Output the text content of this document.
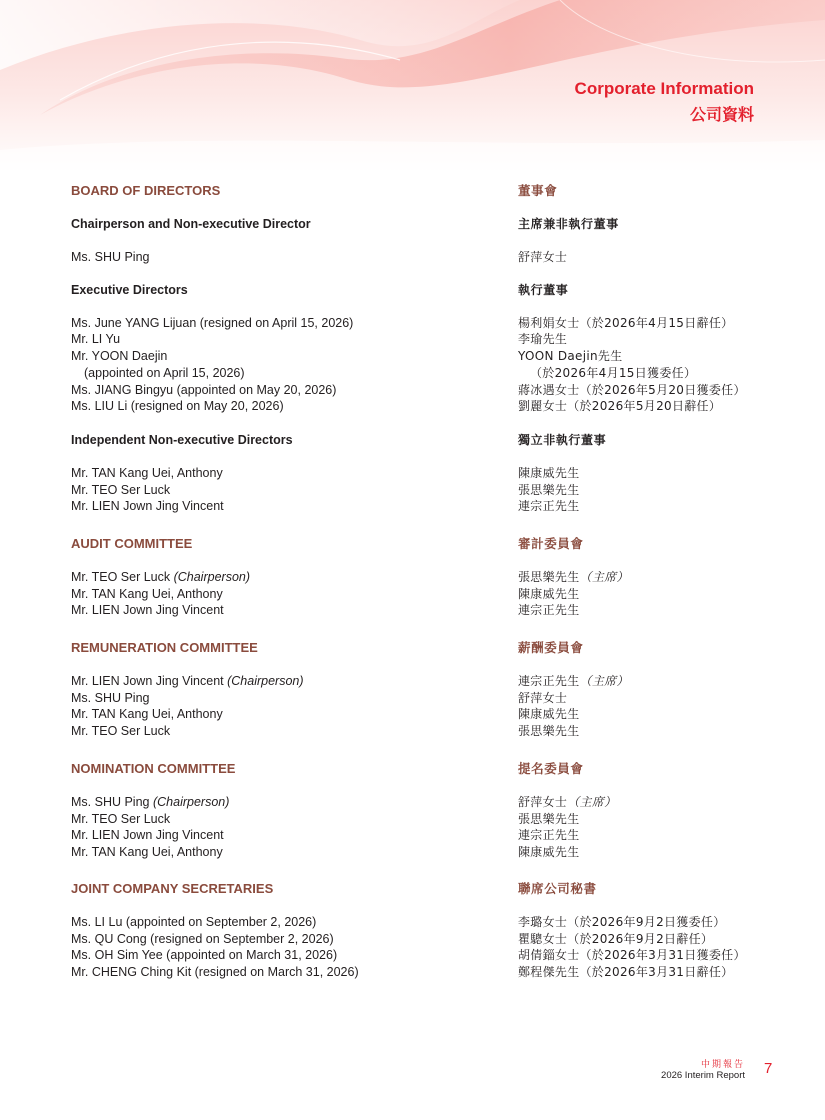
Corporate Information
公司資料
BOARD OF DIRECTORS
Chairperson and Non-executive Director
Ms. SHU Ping
Executive Directors
Ms. June YANG Lijuan (resigned on April 15, 2026)
Mr. LI Yu
Mr. YOON Daejin
(appointed on April 15, 2026)
Ms. JIANG Bingyu (appointed on May 20, 2026)
Ms. LIU Li (resigned on May 20, 2026)
Independent Non-executive Directors
Mr. TAN Kang Uei, Anthony
Mr. TEO Ser Luck
Mr. LIEN Jown Jing Vincent
董事會
主席兼非執行董事
舒萍女士
執行董事
楊利娟女士（於2026年4月15日辭任）
李瑜先生
YOON Daejin先生
（於2026年4月15日獲委任）
蔣冰遇女士（於2026年5月20日獲委任）
劉麗女士（於2026年5月20日辭任）
獨立非執行董事
陳康威先生
張思樂先生
連宗正先生
AUDIT COMMITTEE
Mr. TEO Ser Luck (Chairperson)
Mr. TAN Kang Uei, Anthony
Mr. LIEN Jown Jing Vincent
審計委員會
張思樂先生（主席）
陳康威先生
連宗正先生
REMUNERATION COMMITTEE
Mr. LIEN Jown Jing Vincent (Chairperson)
Ms. SHU Ping
Mr. TAN Kang Uei, Anthony
Mr. TEO Ser Luck
薪酬委員會
連宗正先生（主席）
舒萍女士
陳康威先生
張思樂先生
NOMINATION COMMITTEE
Ms. SHU Ping (Chairperson)
Mr. TEO Ser Luck
Mr. LIEN Jown Jing Vincent
Mr. TAN Kang Uei, Anthony
提名委員會
舒萍女士（主席）
張思樂先生
連宗正先生
陳康威先生
JOINT COMPANY SECRETARIES
Ms. LI Lu (appointed on September 2, 2026)
Ms. QU Cong (resigned on September 2, 2026)
Ms. OH Sim Yee (appointed on March 31, 2026)
Mr. CHENG Ching Kit (resigned on March 31, 2026)
聯席公司秘書
李璐女士（於2026年9月2日獲委任）
瞿驄女士（於2026年9月2日辭任）
胡倩錙女士（於2026年3月31日獲委任）
鄭程傑先生（於2026年3月31日辭任）
中期報告
2026 Interim Report 7
